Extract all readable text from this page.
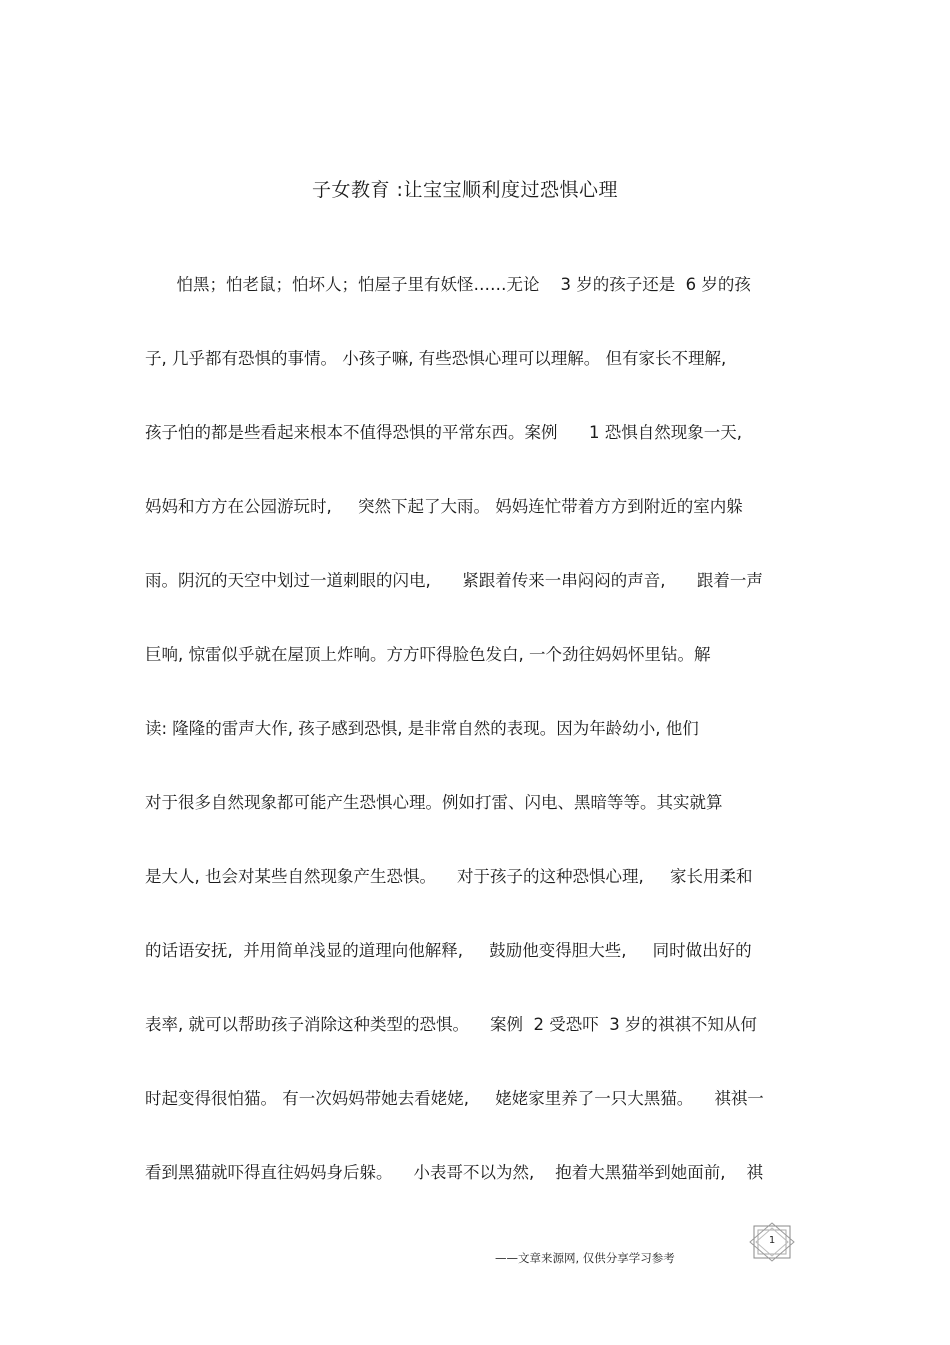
子女教育 :让宝宝顺利度过恐惧心理
怕黑；怕老鼠；怕坏人；怕屋子里有妖怪……无论    3 岁的孩子还是  6 岁的孩
子, 几乎都有恐惧的事情。 小孩子嘛, 有些恐惧心理可以理解。 但有家长不理解,
孩子怕的都是些看起来根本不值得恐惧的平常东西。案例      1 恐惧自然现象一天,
妈妈和方方在公园游玩时,     突然下起了大雨。 妈妈连忙带着方方到附近的室内躲
雨。阴沉的天空中划过一道刺眼的闪电,      紧跟着传来一串闷闷的声音,      跟着一声
巨响, 惊雷似乎就在屋顶上炸响。方方吓得脸色发白, 一个劲往妈妈怀里钻。解
读: 隆隆的雷声大作, 孩子感到恐惧, 是非常自然的表现。因为年龄幼小, 他们
对于很多自然现象都可能产生恐惧心理。例如打雷、闪电、黑暗等等。其实就算
是大人, 也会对某些自然现象产生恐惧。    对于孩子的这种恐惧心理,     家长用柔和
的话语安抚,  并用简单浅显的道理向他解释,     鼓励他变得胆大些,     同时做出好的
表率, 就可以帮助孩子消除这种类型的恐惧。    案例  2 受恐吓  3 岁的祺祺不知从何
时起变得很怕猫。 有一次妈妈带她去看姥姥,     姥姥家里养了一只大黑猫。    祺祺一
看到黑猫就吓得直往妈妈身后躲。    小表哥不以为然,    抱着大黑猫举到她面前,    祺
——文章来源网, 仅供分享学习参考
1
